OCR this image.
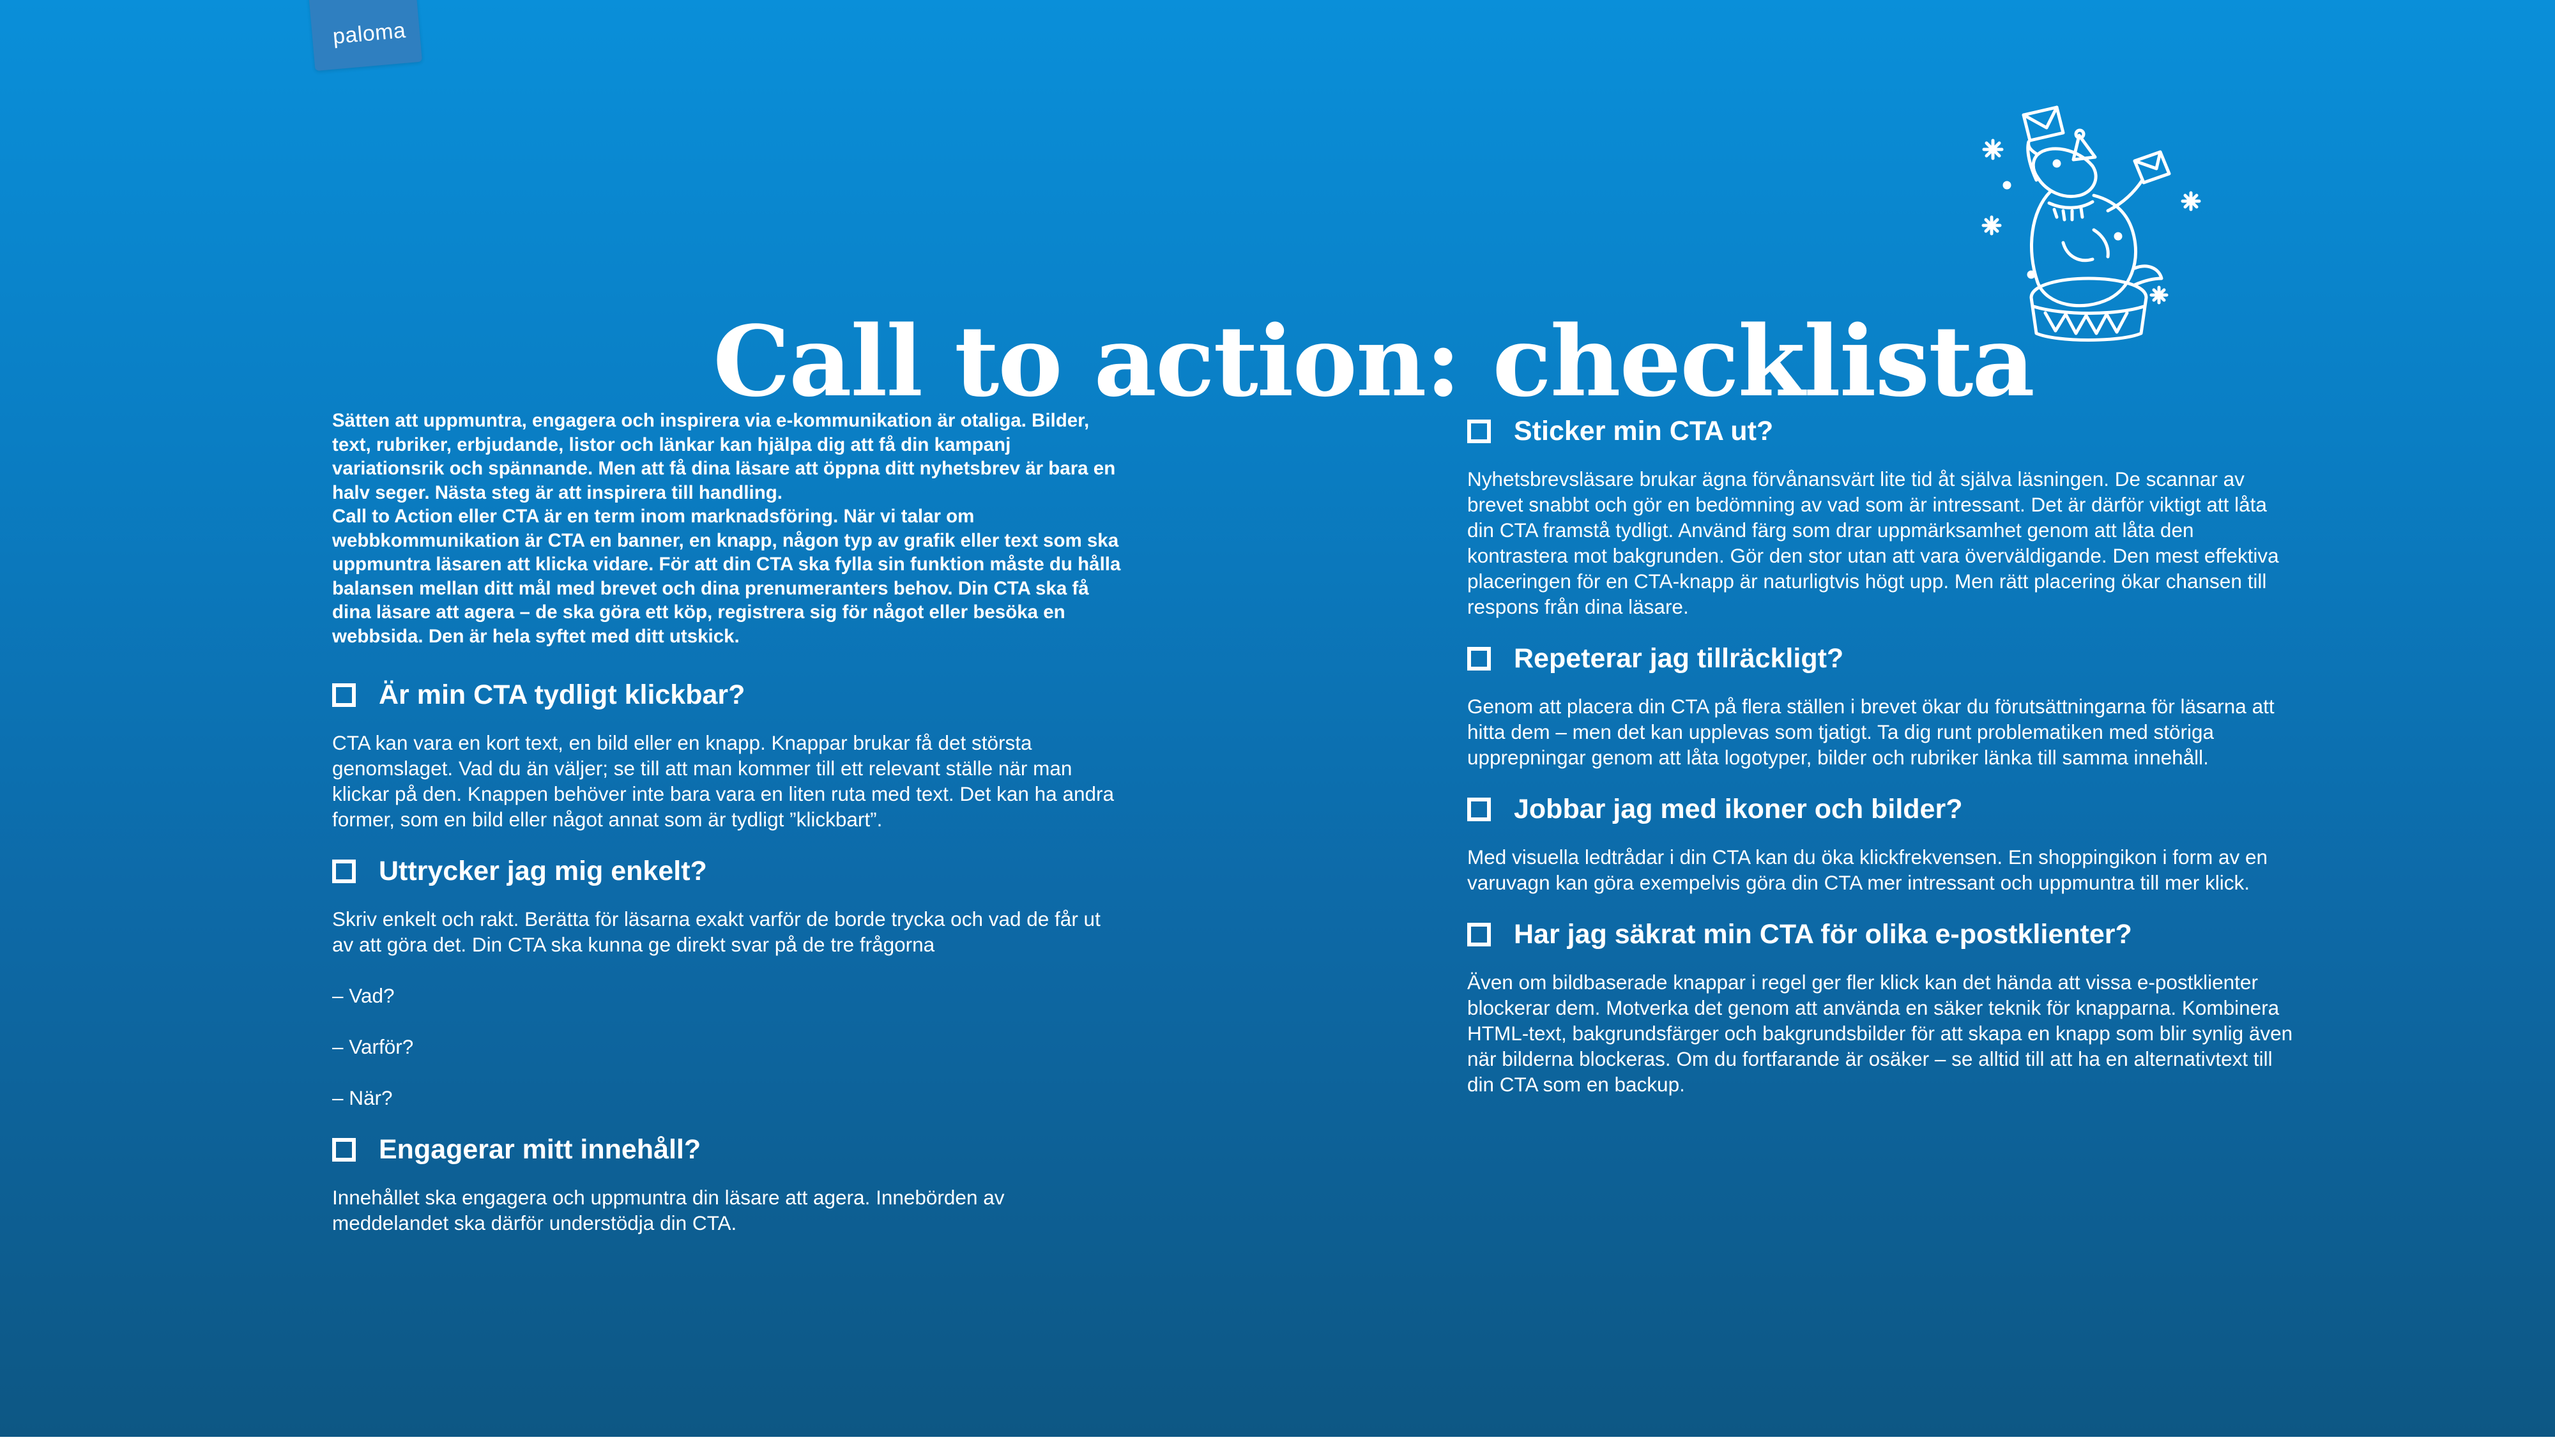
paloma
Call to action: checklista

Sätten att uppmuntra, engagera och inspirera via e-kommunikation är otaliga. Bilder, text, rubriker, erbjudande, listor och länkar kan hjälpa dig att få din kampanj variationsrik och spännande. Men att få dina läsare att öppna ditt nyhetsbrev är bara en halv seger. Nästa steg är att inspirera till handling.

Call to Action eller CTA är en term inom marknadsföring. När vi talar om webbkommunikation är CTA en banner, en knapp, någon typ av grafik eller text som ska uppmuntra läsaren att klicka vidare. För att din CTA ska fylla sin funktion måste du hålla balansen mellan ditt mål med brevet och dina prenumeranters behov. Din CTA ska få dina läsare att agera – de ska göra ett köp, registrera sig för något eller besöka en webbsida. Den är hela syftet med ditt utskick.

Är min CTA tydligt klickbar?

CTA kan vara en kort text, en bild eller en knapp. Knappar brukar få det största genomslaget. Vad du än väljer; se till att man kommer till ett relevant ställe när man klickar på den. Knappen behöver inte bara vara en liten ruta med text. Det kan ha andra former, som en bild eller något annat som är tydligt ”klickbart”.

Uttrycker jag mig enkelt?

Skriv enkelt och rakt. Berätta för läsarna exakt varför de borde trycka och vad de får ut av att göra det. Din CTA ska kunna ge direkt svar på de tre frågorna

– Vad?

– Varför?

– När?

Engagerar mitt innehåll?

Innehållet ska engagera och uppmuntra din läsare att agera. Innebörden av meddelandet ska därför understödja din CTA.

Sticker min CTA ut?

Nyhetsbrevsläsare brukar ägna förvånansvärt lite tid åt själva läsningen. De scannar av brevet snabbt och gör en bedömning av vad som är intressant. Det är därför viktigt att låta din CTA framstå tydligt. Använd färg som drar uppmärksamhet genom att låta den kontrastera mot bakgrunden. Gör den stor utan att vara överväldigande. Den mest effektiva placeringen för en CTA-knapp är naturligtvis högt upp. Men rätt placering ökar chansen till respons från dina läsare.

Repeterar jag tillräckligt?

Genom att placera din CTA på flera ställen i brevet ökar du förutsättningarna för läsarna att hitta dem – men det kan upplevas som tjatigt. Ta dig runt problematiken med störiga upprepningar genom att låta logotyper, bilder och rubriker länka till samma innehåll.

Jobbar jag med ikoner och bilder?

Med visuella ledtrådar i din CTA kan du öka klickfrekvensen. En shoppingikon i form av en varuvagn kan göra exempelvis göra din CTA mer intressant och uppmuntra till mer klick.

Har jag säkrat min CTA för olika e-postklienter?

Även om bildbaserade knappar i regel ger fler klick kan det hända att vissa e-postklienter blockerar dem. Motverka det genom att använda en säker teknik för knapparna. Kombinera HTML-text, bakgrundsfärger och bakgrundsbilder för att skapa en knapp som blir synlig även när bilderna blockeras. Om du fortfarande är osäker – se alltid till att ha en alternativtext till din CTA som en backup.
